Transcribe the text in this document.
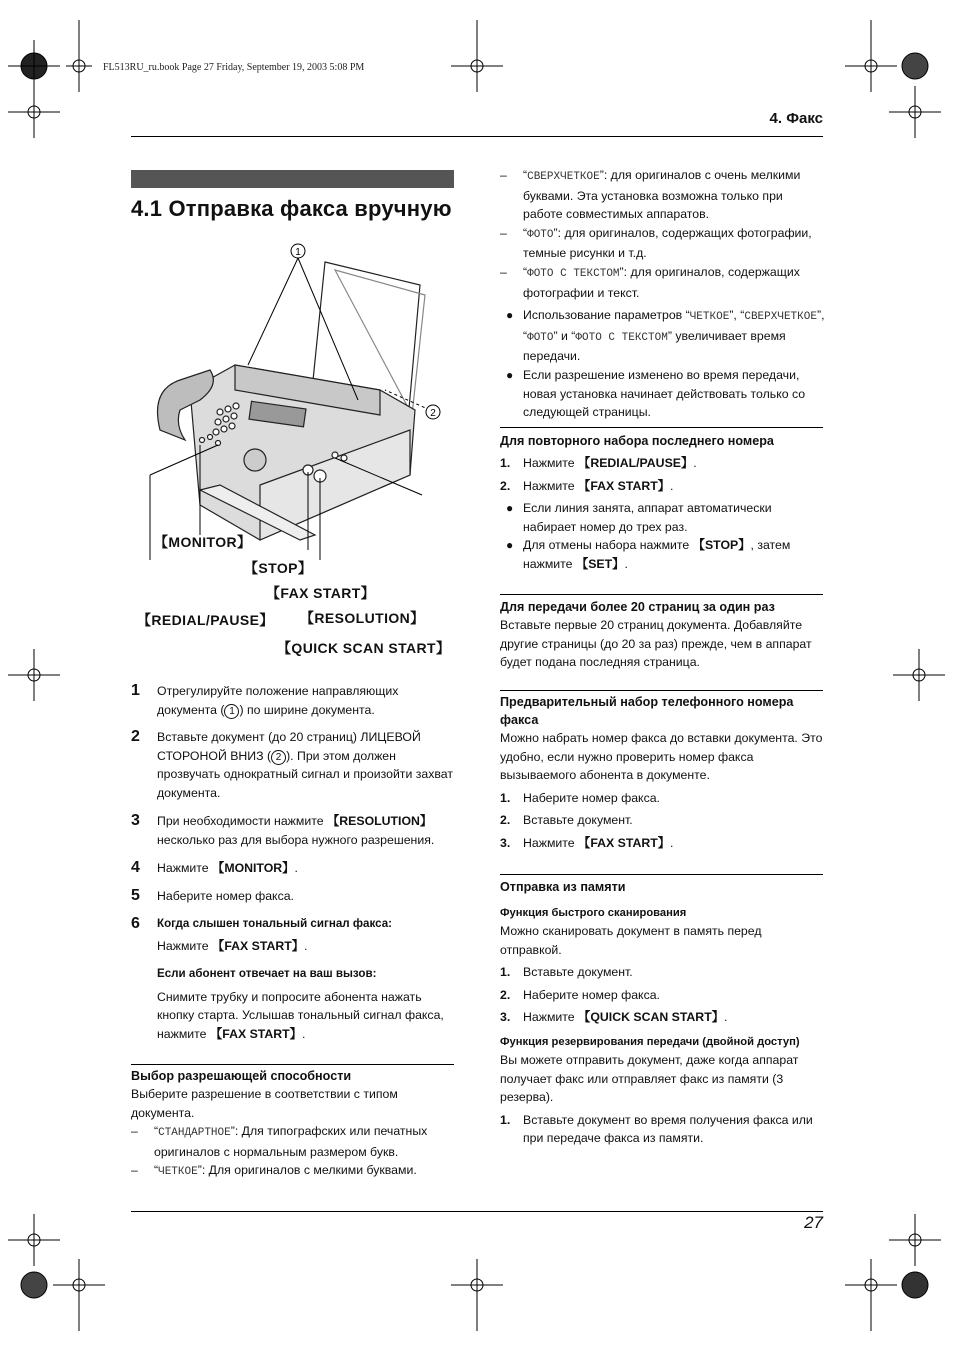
FL513RU_ru.book Page 27 Friday, September 19, 2003 5:08 PM
4. Факс
4.1 Отправка факса вручную
1
2
【MONITOR】
【STOP】
【FAX START】
【REDIAL/PAUSE】 【RESOLUTION】
【QUICK SCAN START】
1 Отрегулируйте положение направляющих документа ( 1 ) по ширине документа.
2 Вставьте документ (до 20 страниц) ЛИЦЕВОЙ СТОРОНОЙ ВНИЗ ( 2 ). При этом должен прозвучать однократный сигнал и произойти захват документа.
3 При необходимости нажмите 【RESOLUTION】 несколько раз для выбора нужного разрешения.
4 Нажмите 【MONITOR】.
5 Наберите номер факса.
6 Когда слышен тональный сигнал факса:
Нажмите 【FAX START】.
Если абонент отвечает на ваш вызов:
Снимите трубку и попросите абонента нажать кнопку старта. Услышав тональный сигнал факса, нажмите 【FAX START】.
Выбор разрешающей способности
Выберите разрешение в соответствии с типом документа.
– “СТАНДАРТНОЕ”: Для типографских или печатных оригиналов с нормальным размером букв.
– “ЧЕТКОЕ”: Для оригиналов с мелкими буквами.
– “СВЕРХЧЕТКОЕ”: для оригиналов с очень мелкими буквами. Эта установка возможна только при работе совместимых аппаратов.
– “ФОТО”: для оригиналов, содержащих фотографии, темные рисунки и т.д.
– “ФОТО С ТЕКСТОМ”: для оригиналов, содержащих фотографии и текст.
● Использование параметров “ЧЕТКОЕ”, “СВЕРХЧЕТКОЕ”, “ФОТО” и “ФОТО С ТЕКСТОМ” увеличивает время передачи.
● Если разрешение изменено во время передачи, новая установка начинает действовать только со следующей страницы.
Для повторного набора последнего номера
1. Нажмите 【REDIAL/PAUSE】.
2. Нажмите 【FAX START】.
● Если линия занята, аппарат автоматически набирает номер до трех раз.
● Для отмены набора нажмите 【STOP】, затем нажмите 【SET】.
Для передачи более 20 страниц за один раз
Вставьте первые 20 страниц документа. Добавляйте другие страницы (до 20 за раз) прежде, чем в аппарат будет подана последняя страница.
Предварительный набор телефонного номера факса
Можно набрать номер факса до вставки документа. Это удобно, если нужно проверить номер факса вызываемого абонента в документе.
1. Наберите номер факса.
2. Вставьте документ.
3. Нажмите 【FAX START】.
Отправка из памяти
Функция быстрого сканирования
Можно сканировать документ в память перед отправкой.
1. Вставьте документ.
2. Наберите номер факса.
3. Нажмите 【QUICK SCAN START】.
Функция резервирования передачи (двойной доступ)
Вы можете отправить документ, даже когда аппарат получает факс или отправляет факс из памяти (3 резерва).
1. Вставьте документ во время получения факса или при передаче факса из памяти.
27
